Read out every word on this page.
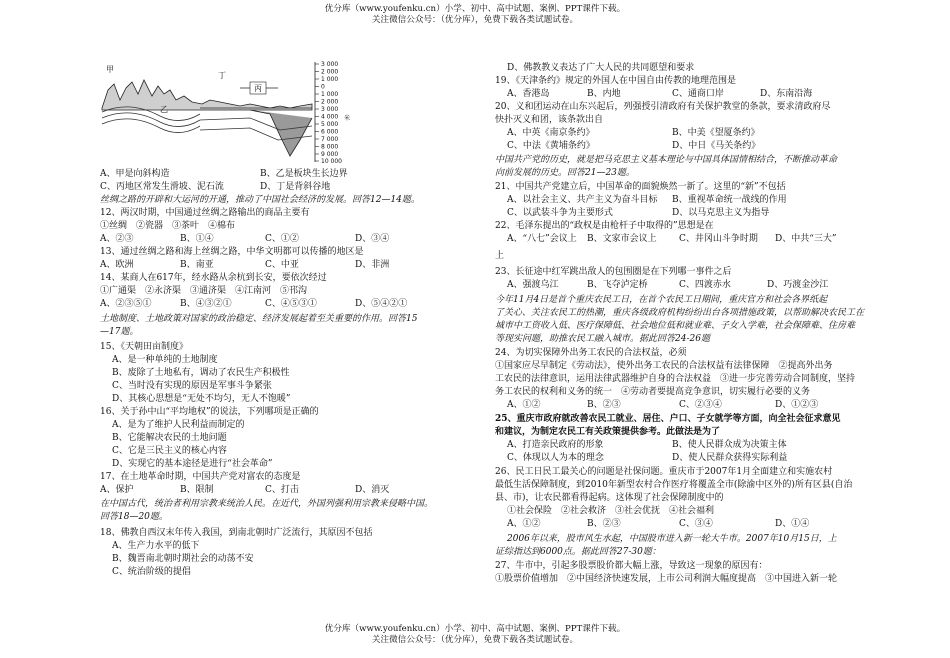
优分库（www.youfenku.cn）小学、初中、高中试题、案例、PPT课件下载。
关注微信公众号：（优分库），免费下载各类试题试卷。
3 000
2 000
1 000
0
1 000
2 000
3 000
4 000
5 000
6 000
7 000
8 000
9 000
10 000
米
甲
乙
丁
丙
A、甲是向斜构造	B、乙是板块生长边界
C、丙地区常发生滑坡、泥石流	D、丁是背斜谷地
丝绸之路的开辟和大运河的开通，推动了中国社会经济的发展。回答12—14题。
12、两汉时期，中国通过丝绸之路输出的商品主要有
①丝绸　②瓷器　③茶叶　④棉布
A、②③	B、①④	C、①②	D、③④
13、通过丝绸之路和海上丝绸之路，中华文明都可以传播的地区是
A、欧洲	B、南亚	C、中亚	D、非洲
14、某商人在617年，经水路从余杭到长安，要依次经过
①广通渠　②永济渠　③通济渠　④江南河　⑤邗沟
A、②③⑤①	B、④③②①	C、④⑤③①	D、⑤④②①
土地制度、土地政策对国家的政治稳定、经济发展起着至关重要的作用。回答15
—17题。
15、《天朝田亩制度》
A、是一种单纯的土地制度
B、废除了土地私有，调动了农民生产积极性
C、当时没有实现的原因是军事斗争紧张
D、其核心思想是“无处不均匀，无人不饱暖”
16、关于孙中山“平均地权”的说法，下列哪项是正确的
A、是为了维护人民利益而制定的
B、它能解决农民的土地问题
C、它是三民主义的核心内容
D、实现它的基本途径是进行“社会革命”
17、在土地革命时期，中国共产党对富农的态度是
A、保护	B、限制	C、打击	D、消灭
在中国古代，统治者利用宗教来统治人民。在近代，外国列强利用宗教来侵略中国。
回答18—20题。
18、佛教自西汉末年传入我国，到南北朝时广泛流行，其原因不包括
A、生产力水平的低下
B、魏晋南北朝时期社会的动荡不安
C、统治阶级的提倡
D、佛教教义表达了广大人民的共同愿望和要求
19、《天津条约》规定的外国人在中国自由传教的地理范围是
A、香港岛	B、内地	C、通商口岸	D、东南沿海
20、义和团运动在山东兴起后，列强授引清政府有关保护教堂的条款，要求清政府尽
快扑灭义和团，该条款出自
A、中英《南京条约》	B、中美《望厦条约》
C、中法《黄埔条约》	D、中日《马关条约》
中国共产党的历史，就是把马克思主义基本理论与中国具体国情相结合，不断推动革命
向前发展的历史。回答21—23题。
21、中国共产党建立后，中国革命的面貌焕然一新了。这里的“新”不包括
A、以社会主义、共产主义为奋斗目标	B、重视革命统一战线的作用
C、以武装斗争为主要形式	D、以马克思主义为指导
22、毛泽东提出的“政权是由枪杆子中取得的”思想是在
A、“八七”会议上	B、文家市会议上	C、井冈山斗争时期	D、中共“三大”
上
23、长征途中红军跳出敌人的包围圈是在下列哪一事件之后
A、强渡乌江	B、飞夺泸定桥	C、四渡赤水	D、巧渡金沙江
今年11月4日是首个重庆农民工日，在首个农民工日期间，重庆官方和社会各界纸起
了关心、关注农民工的热潮，重庆各级政府机构纷纷出台各项措施政策，以帮助解决农民工在
城市中工资收入低、医疗保障低、社会地位低和就业难、子女入学难，社会保障难、住房难
等现实问题，助推农民工融入城市。据此回答24-26题
24、为切实保障外出务工农民的合法权益，必须
①国家应尽早制定《劳动法》，使外出务工农民的合法权益有法律保障　②提高外出务
工农民的法律意识，运用法律武器维护自身的合法权益　③进一步完善劳动合同制度，坚持
务工农民的权利和义务的统一　④劳动者要提高竞争意识，切实履行必要的义务
A、①②	B、②③	C、②③④	D、①②③
25、重庆市政府就改善农民工就业、居住、户口、子女就学等方面，向全社会征求意见
和建议，为制定农民工有关政策提供参考。此做法是为了
A、打造亲民政府的形象	B、使人民群众成为决策主体
C、体现以人为本的理念	D、使人民群众获得实际利益
26、民工日民工最关心的问题是社保问题。重庆市于2007年1月全面建立和实施农村
最低生活保障制度，到2010年新型农村合作医疗将覆盖全市(除渝中区外的)所有区县(自治
县、市)，让农民都看得起病。这体现了社会保障制度中的
①社会保险　②社会救济　③社会优抚　④社会福利
A、①②	B、②③	C、③④	D、①④
2006年以来，股市风生水起，中国股市进入新一轮大牛市。2007年10月15日，上
证综指达到6000点。据此回答27-30题：
27、牛市中，引起多股票股价都大幅上涨，导致这一现象的原因有：
①股票价值增加　②中国经济快速发展，上市公司利润大幅度提高　③中国进入新一轮
优分库（www.youfenku.cn）小学、初中、高中试题、案例、PPT课件下载。
关注微信公众号：（优分库），免费下载各类试题试卷。
